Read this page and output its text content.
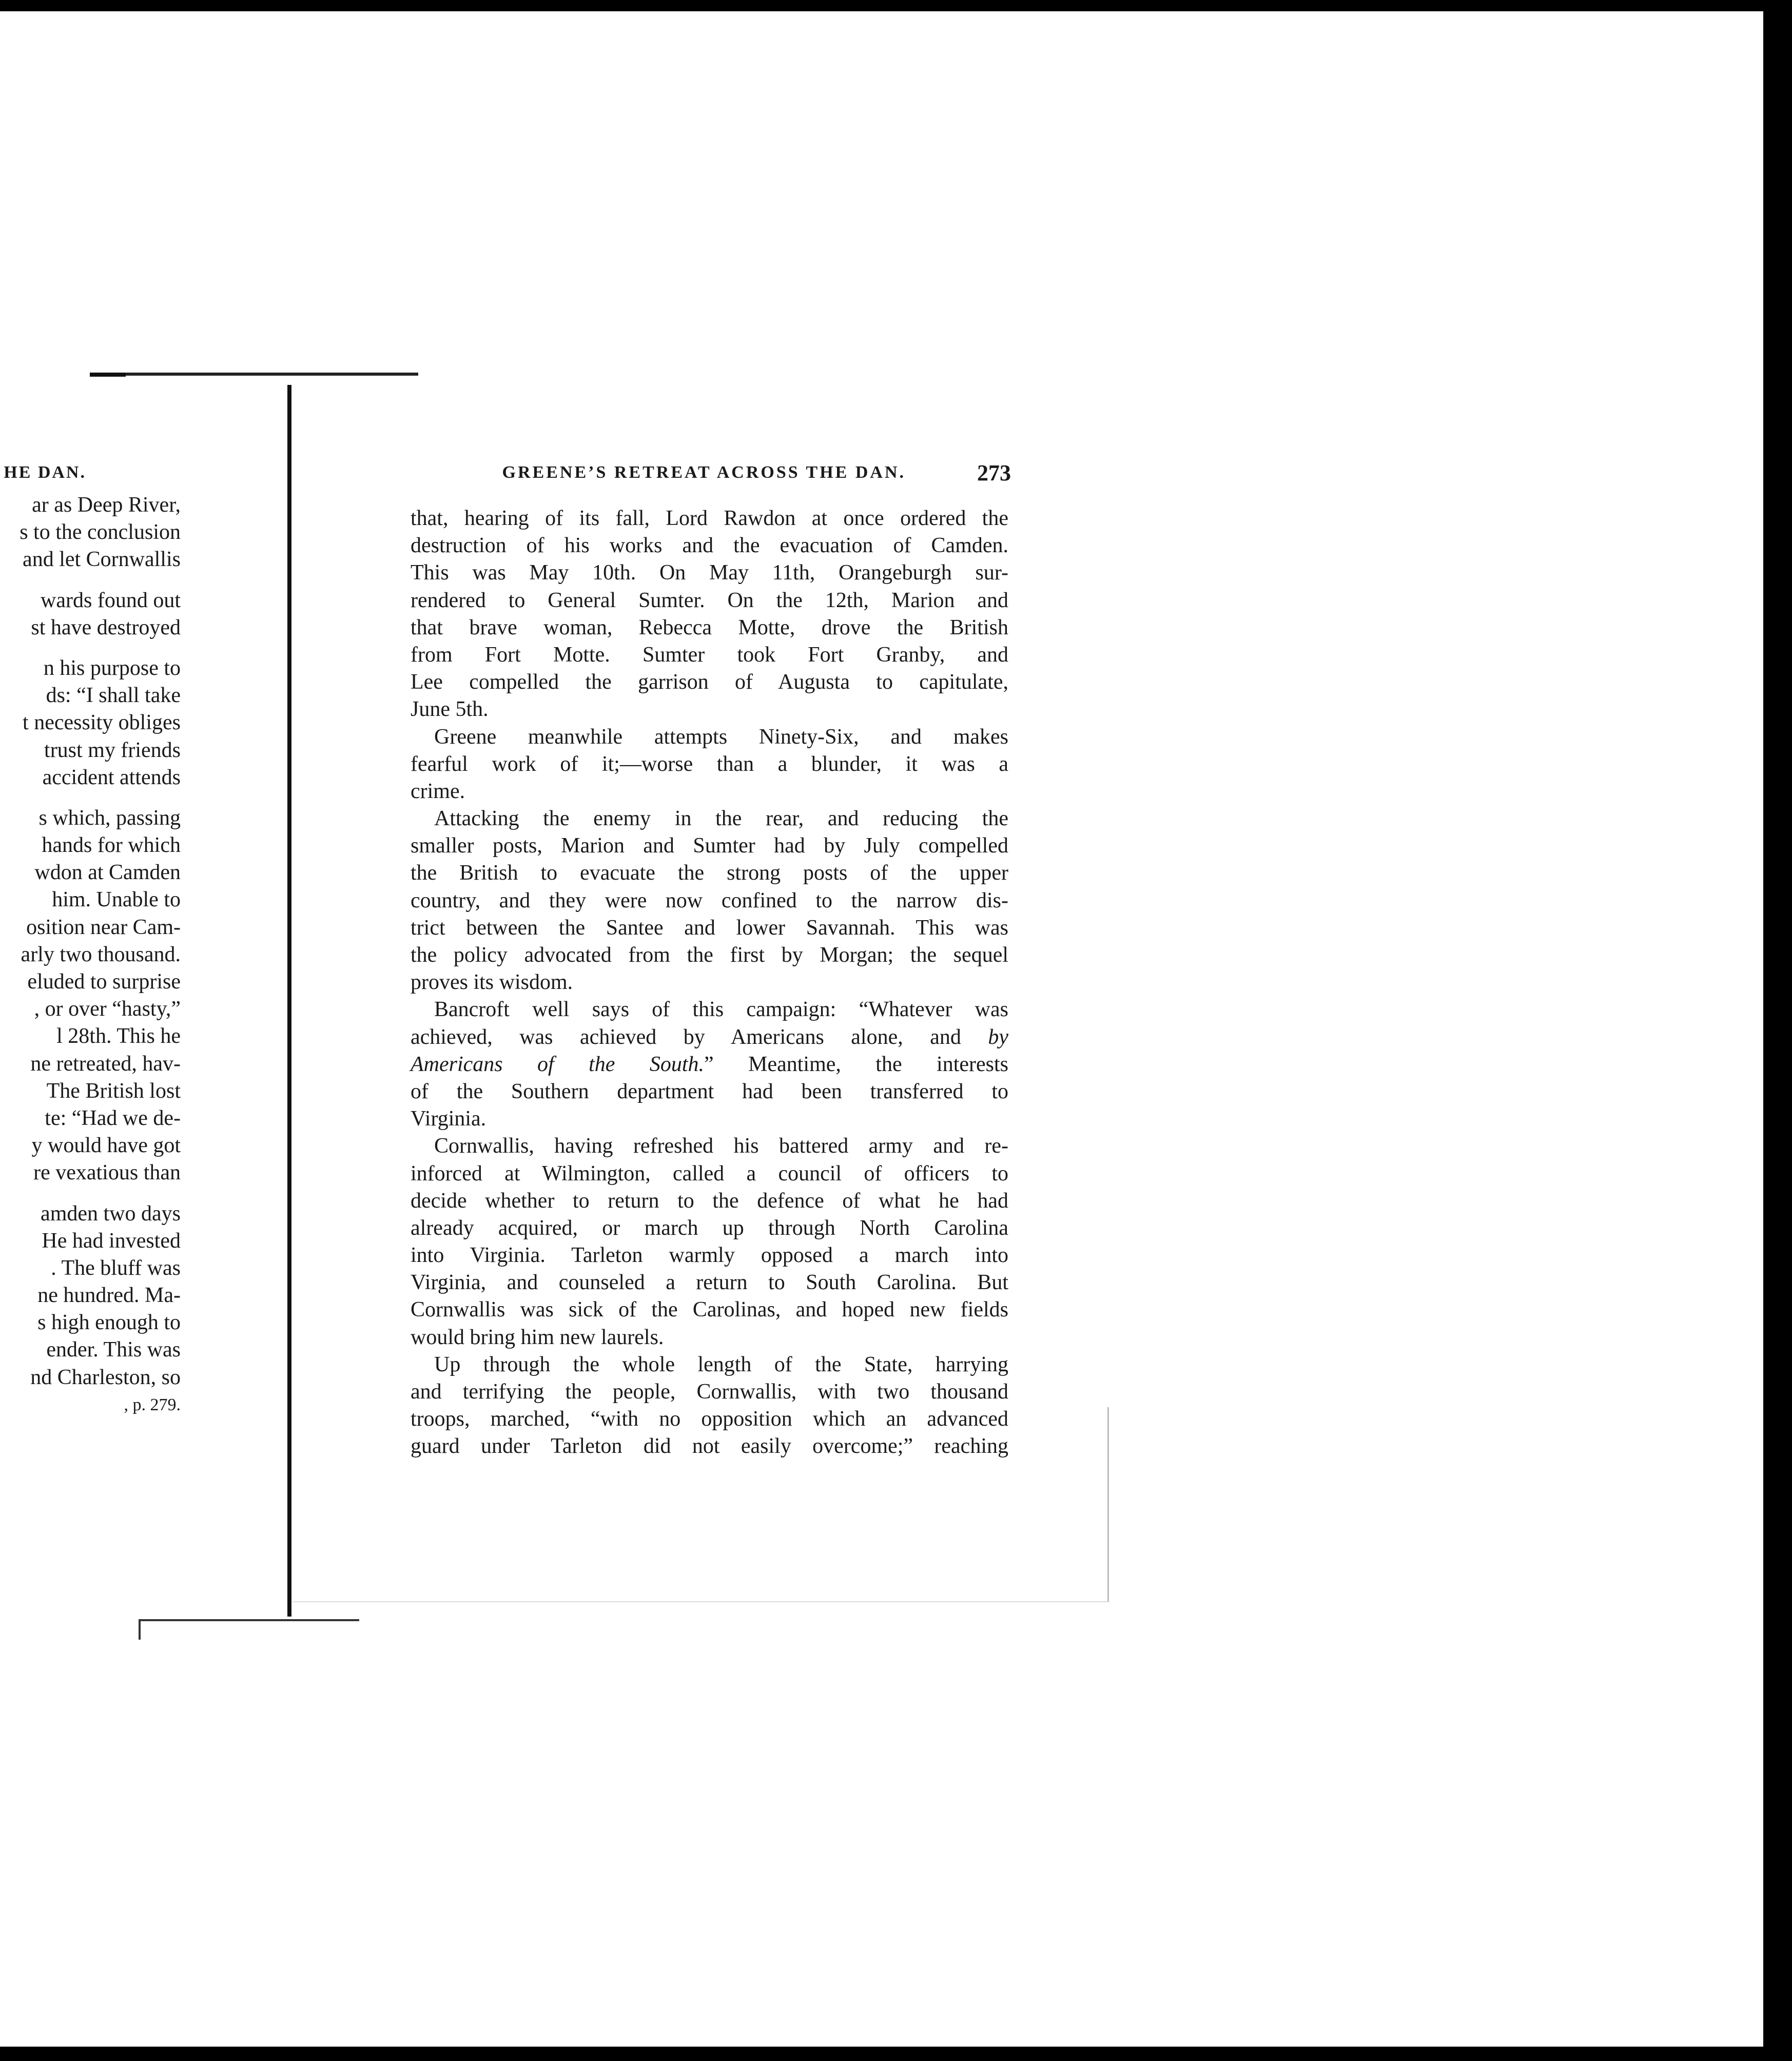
HE DAN.
ar as Deep River,
s to the conclusion
and let Cornwallis
wards found out
st have destroyed
n his purpose to
ds: “I shall take
t necessity obliges
trust my friends
accident attends
s which, passing
hands for which
wdon at Camden
him. Unable to
osition near Cam-
arly two thousand.
eluded to surprise
, or over “hasty,”
l 28th. This he
ne retreated, hav-
The British lost
te: “Had we de-
y would have got
re vexatious than
amden two days
He had invested
. The bluff was
ne hundred. Ma-
s high enough to
ender. This was
nd Charleston, so
, p. 279.
GREENE’S RETREAT ACROSS THE DAN.	273
that, hearing of its fall, Lord Rawdon at once ordered the
destruction of his works and the evacuation of Camden.
This was May 10th. On May 11th, Orangeburgh sur-
rendered to General Sumter. On the 12th, Marion and
that brave woman, Rebecca Motte, drove the British
from Fort Motte. Sumter took Fort Granby, and
Lee compelled the garrison of Augusta to capitulate,
June 5th.
Greene meanwhile attempts Ninety-Six, and makes
fearful work of it;—worse than a blunder, it was a
crime.
Attacking the enemy in the rear, and reducing the
smaller posts, Marion and Sumter had by July compelled
the British to evacuate the strong posts of the upper
country, and they were now confined to the narrow dis-
trict between the Santee and lower Savannah. This was
the policy advocated from the first by Morgan; the sequel
proves its wisdom.
Bancroft well says of this campaign: “Whatever was
achieved, was achieved by Americans alone, and by
Americans of the South.” Meantime, the interests
of the Southern department had been transferred to
Virginia.
Cornwallis, having refreshed his battered army and re-
inforced at Wilmington, called a council of officers to
decide whether to return to the defence of what he had
already acquired, or march up through North Carolina
into Virginia. Tarleton warmly opposed a march into
Virginia, and counseled a return to South Carolina. But
Cornwallis was sick of the Carolinas, and hoped new fields
would bring him new laurels.
Up through the whole length of the State, harrying
and terrifying the people, Cornwallis, with two thousand
troops, marched, “with no opposition which an advanced
guard under Tarleton did not easily overcome;” reaching
